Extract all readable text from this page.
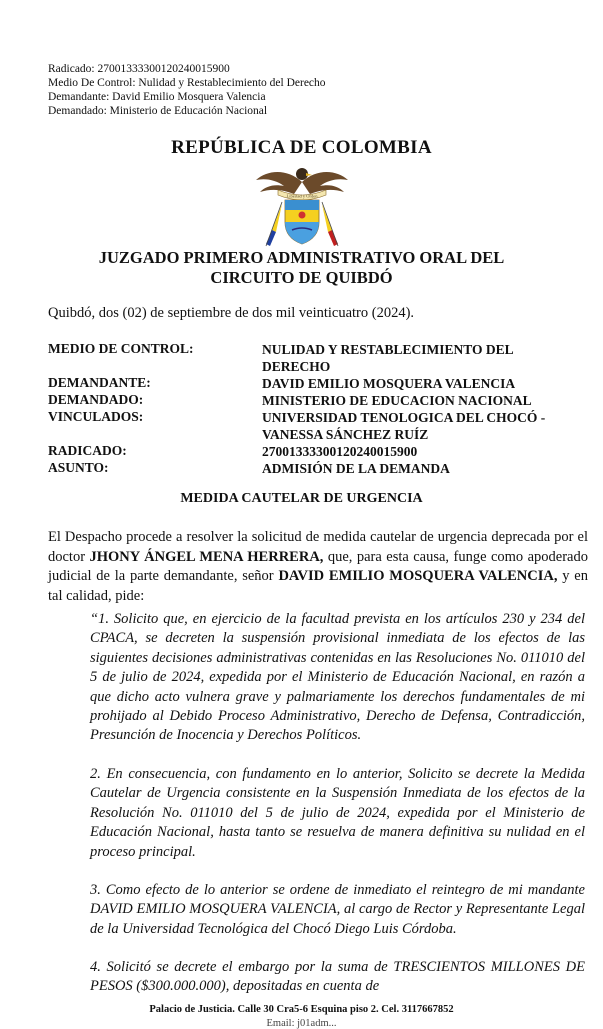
Radicado: 27001333300120240015900
Medio De Control: Nulidad y Restablecimiento del Derecho
Demandante: David Emilio Mosquera Valencia
Demandado: Ministerio de Educación Nacional
REPÚBLICA DE COLOMBIA
Libertad y Orden
JUZGADO PRIMERO ADMINISTRATIVO ORAL DEL
CIRCUITO DE QUIBDÓ
Quibdó, dos (02) de septiembre de dos mil veinticuatro (2024).
MEDIO DE CONTROL:	NULIDAD Y RESTABLECIMIENTO DEL DERECHO
DEMANDANTE:	DAVID EMILIO MOSQUERA VALENCIA
DEMANDADO:	MINISTERIO DE EDUCACION NACIONAL
VINCULADOS:	UNIVERSIDAD TENOLOGICA DEL CHOCÓ - VANESSA SÁNCHEZ RUÍZ
RADICADO:	27001333300120240015900
ASUNTO:	ADMISIÓN DE LA DEMANDA
MEDIDA CAUTELAR DE URGENCIA
El Despacho procede a resolver la solicitud de medida cautelar de urgencia deprecada por el doctor JHONY ÁNGEL MENA HERRERA, que, para esta causa, funge como apoderado judicial de la parte demandante, señor DAVID EMILIO MOSQUERA VALENCIA, y en tal calidad, pide:
“1. Solicito que, en ejercicio de la facultad prevista en los artículos 230 y 234 del CPACA, se decreten la suspensión provisional inmediata de los efectos de las siguientes decisiones administrativas contenidas en las Resoluciones No. 011010 del 5 de julio de 2024, expedida por el Ministerio de Educación Nacional, en razón a que dicho acto vulnera grave y palmariamente los derechos fundamentales de mi prohijado al Debido Proceso Administrativo, Derecho de Defensa, Contradicción, Presunción de Inocencia y Derechos Políticos.
2. En consecuencia, con fundamento en lo anterior, Solicito se decrete la Medida Cautelar de Urgencia consistente en la Suspensión Inmediata de los efectos de la Resolución No. 011010 del 5 de julio de 2024, expedida por el Ministerio de Educación Nacional, hasta tanto se resuelva de manera definitiva su nulidad en el proceso principal.
3. Como efecto de lo anterior se ordene de inmediato el reintegro de mi mandante DAVID EMILIO MOSQUERA VALENCIA, al cargo de Rector y Representante Legal de la Universidad Tecnológica del Chocó Diego Luis Córdoba.
4. Solicitó se decrete el embargo por la suma de TRESCIENTOS MILLONES DE PESOS ($300.000.000), depositadas en cuenta de
Palacio de Justicia. Calle 30 Cra5-6 Esquina piso 2. Cel. 3117667852
Email: j01adm...
